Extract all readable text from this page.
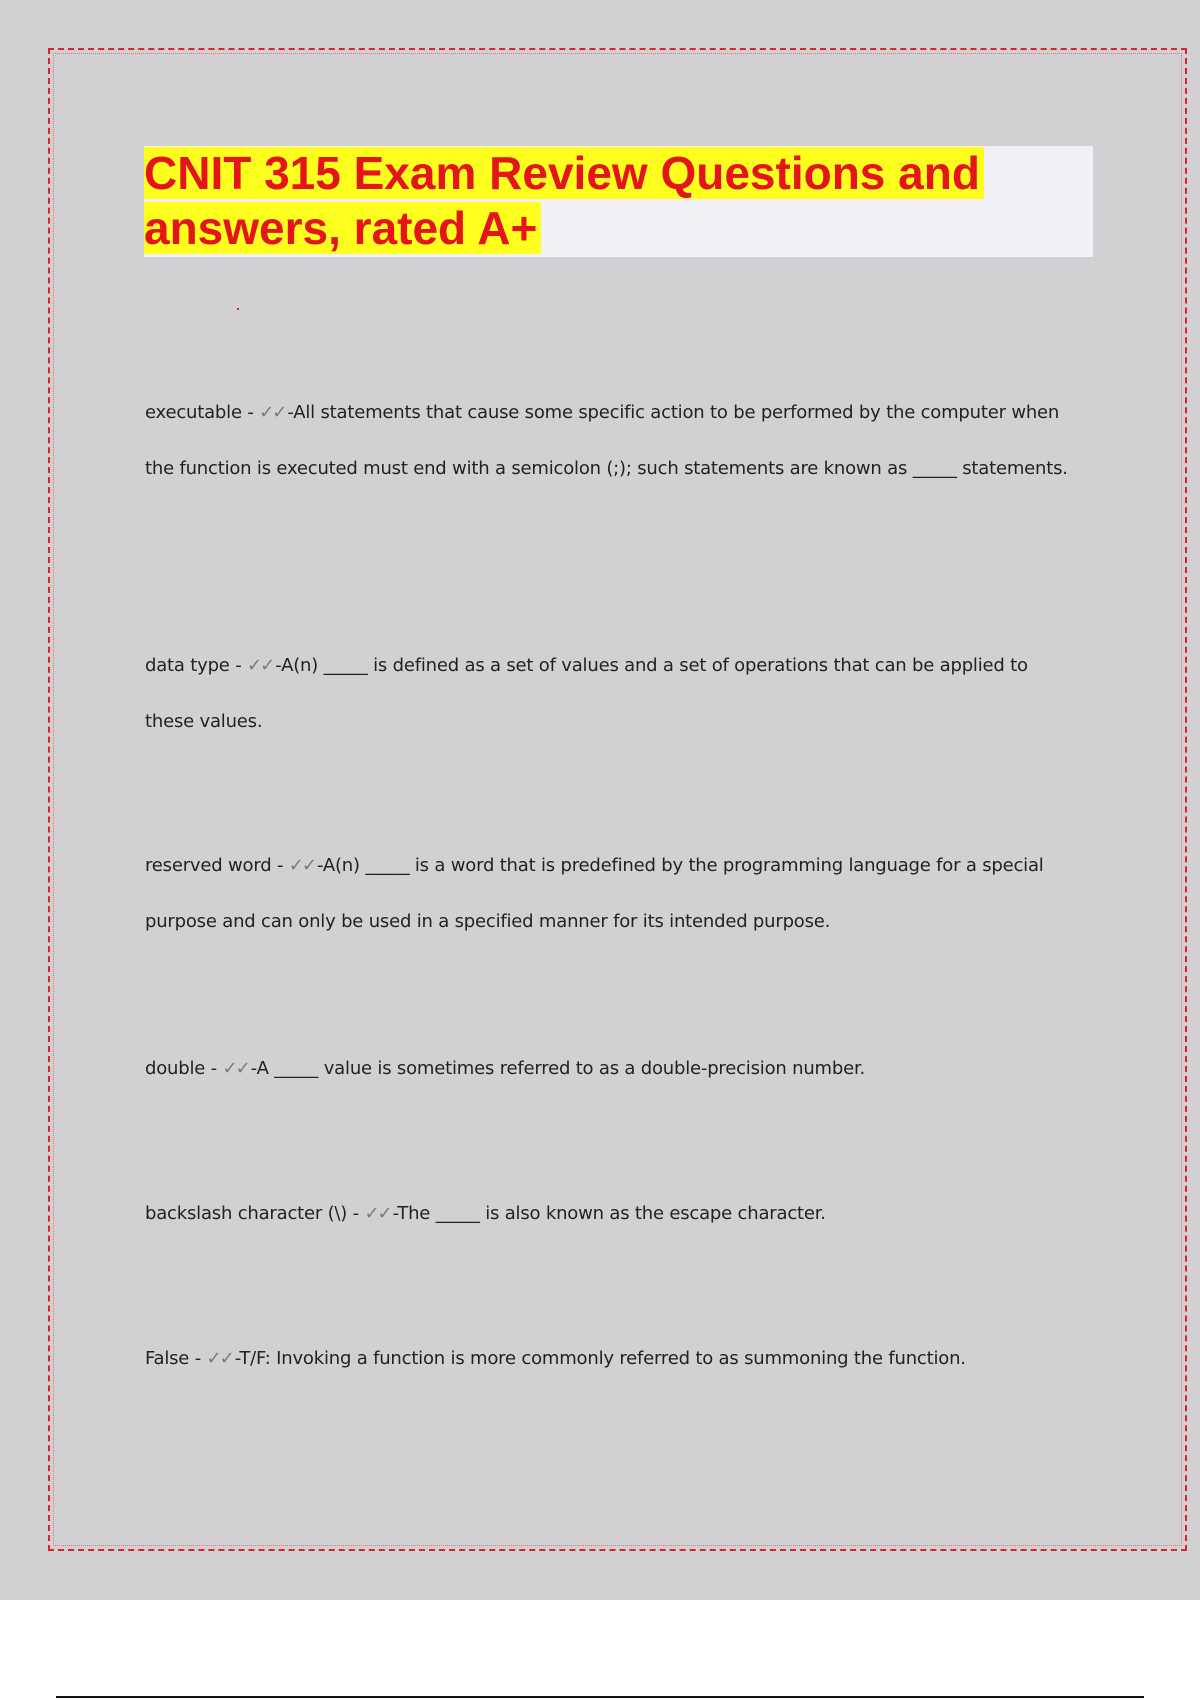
CNIT 315 Exam Review Questions and
answers, rated A+
executable - ✓✓ -All statements that cause some specific action to be performed by the computer when the function is executed must end with a semicolon (;); such statements are known as _____ statements.
data type - ✓✓ -A(n) _____ is defined as a set of values and a set of operations that can be applied to these values.
reserved word - ✓✓ -A(n) _____ is a word that is predefined by the programming language for a special purpose and can only be used in a specified manner for its intended purpose.
double - ✓✓ -A _____ value is sometimes referred to as a double-precision number.
backslash character (\) - ✓✓ -The _____ is also known as the escape character.
False - ✓✓ -T/F: Invoking a function is more commonly referred to as summoning the function.
